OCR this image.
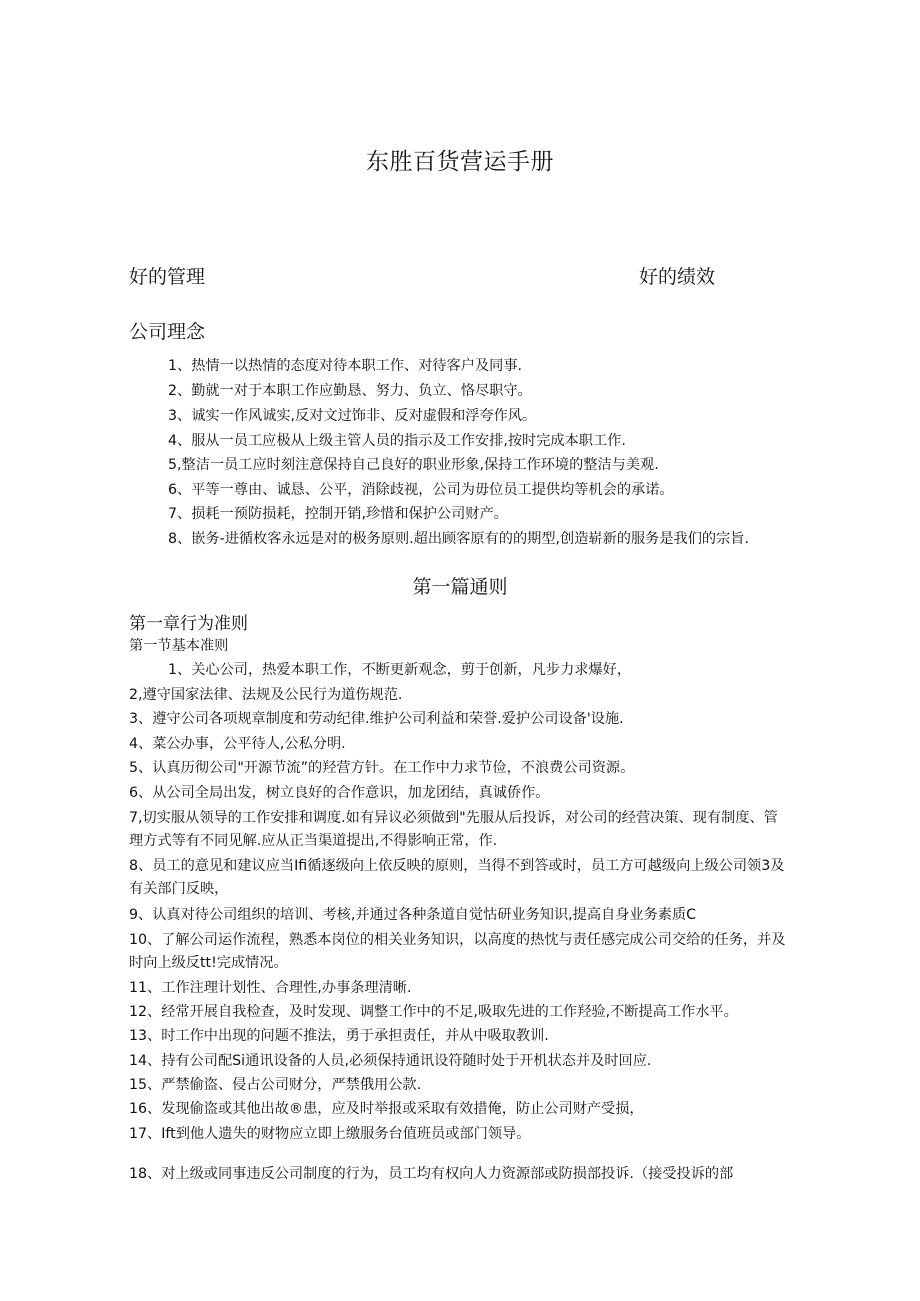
东胜百货营运手册
好的管理	好的绩效
公司理念
1、热情一以热情的态度对待本职工作、对待客户及同事.
2、勤就一对于本职工作应勤恳、努力、负立、恪尽职守。
3、诚实一作风诚实,反对文过饰非、反对虚假和浮夸作风。
4、服从一员工应极从上级主管人员的指示及工作安排,按时完成本职工作.
5,整洁一员工应时刻注意保持自己良好的职业形象,保持工作环境的整洁与美观.
6、平等一尊由、诚恳、公平，消除歧视，公司为毋位员工提供均等机会的承诺。
7、损耗一预防损耗，控制开销,珍惜和保护公司财产。
8、嵌务-进循枚客永远是对的极务原则.超出顾客原有的的期型,创造崭新的服务是我们的宗旨.
第一篇通则
第一章行为准则
第一节基本准则
1、关心公司，热爱本职工作，不断更新观念，剪于创新，凡步力求爆好，
2,遵守国家法律、法规及公民行为道伤规范.
3、遵守公司各项规章制度和劳动纪律.维护公司利益和荣誉.爱护公司设备'设施.
4、菜公办事，公平待人,公私分明.
5、认真历彻公司"开源节流”的羟营方针。在工作中力求节俭，不浪费公司资源。
6、从公司全局出发，树立良好的合作意识，加龙团结，真诚侨作。
7,切实服从领导的工作安排和调度.如有异议必须做到"先服从后投诉，对公司的经营决策、现有制度、管理方式等有不同见解.应从正当渠道提出,不得影响正常，作.
8、员工的意见和建议应当Ifi循逐级向上依反映的原则，当得不到答或时，员工方可越级向上级公司领3及有关部门反映，
9、认真对待公司组织的培训、考核,并通过各种条道自觉怙研业务知识,提高自身业务素质C
10、了解公司运作流程，熟悉本岗位的相关业务知识，以高度的热忱与责任感完成公司交给的任务，并及时向上级反tt!完成情况。
11、工作注理计划性、合理性,办事条理清晰.
12、经常开展自我检查，及时发现、调整工作中的不足,吸取先进的工作羟验,不断提高工作水平。
13、时工作中出现的问题不推法，勇于承担责任，并从中吸取教训.
14、持有公司配Si通讯设备的人员,必须保持通讯设符随时处于开机状态并及时回应.
15、严禁偷盗、侵占公司财分，严禁俄用公款.
16、发现偷盗或其他出故®患，应及时举报或采取有效措俺，防止公司财产受损，
17、Ift到他人遗失的财物应立即上缴服务台值班员或部门领导。
18、对上级或同事违反公司制度的行为，员工均有权向人力资源部或防损部投诉.（接受投诉的部
